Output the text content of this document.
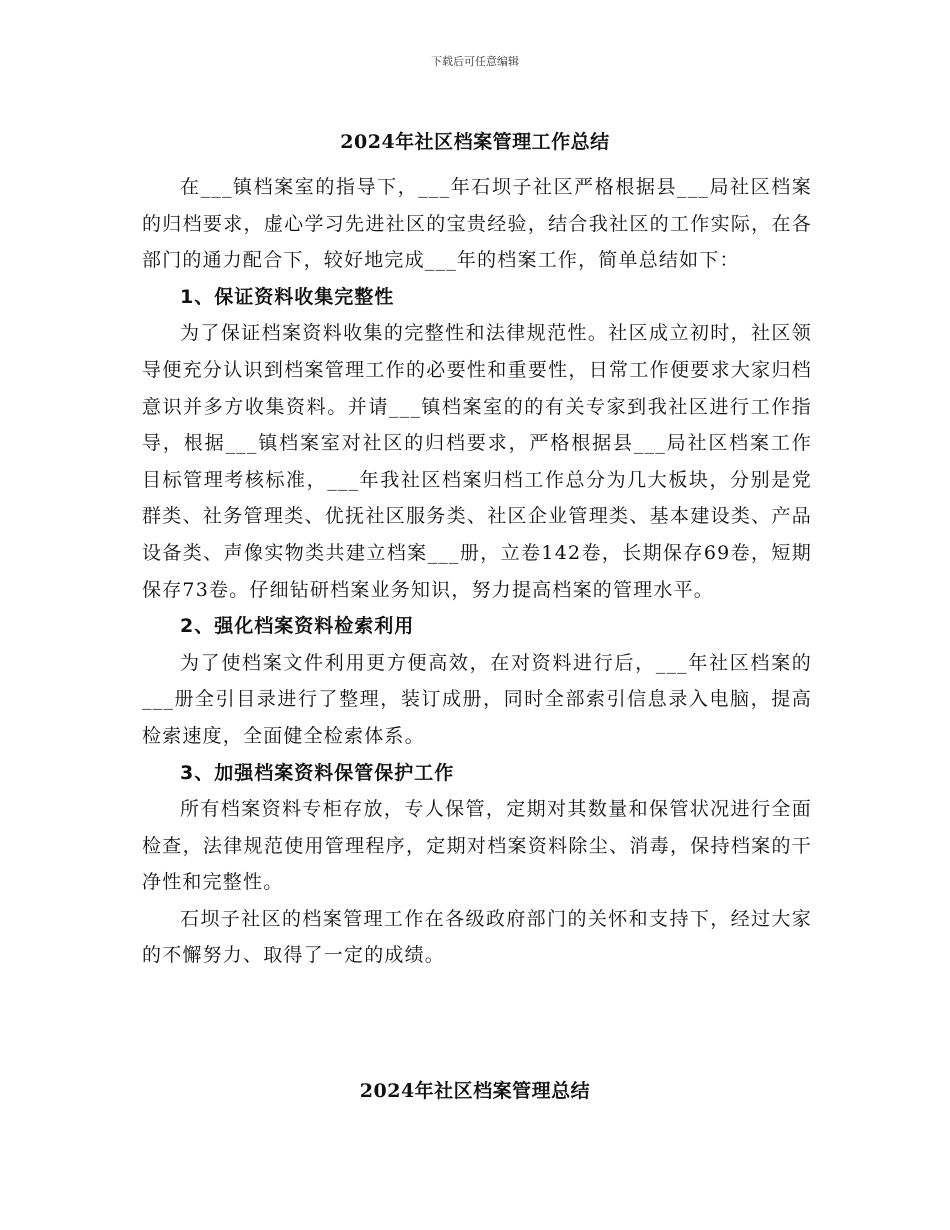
下载后可任意编辑
2024年社区档案管理工作总结

在___镇档案室的指导下，___年石坝子社区严格根据县___局社区档案的归档要求，虚心学习先进社区的宝贵经验，结合我社区的工作实际，在各部门的通力配合下，较好地完成___年的档案工作，简单总结如下：

1、保证资料收集完整性

为了保证档案资料收集的完整性和法律规范性。社区成立初时，社区领导便充分认识到档案管理工作的必要性和重要性，日常工作便要求大家归档意识并多方收集资料。并请___镇档案室的的有关专家到我社区进行工作指导，根据___镇档案室对社区的归档要求，严格根据县___局社区档案工作目标管理考核标准，___年我社区档案归档工作总分为几大板块，分别是党群类、社务管理类、优抚社区服务类、社区企业管理类、基本建设类、产品设备类、声像实物类共建立档案___册，立卷142卷，长期保存69卷，短期保存73卷。仔细钻研档案业务知识，努力提高档案的管理水平。

2、强化档案资料检索利用

为了使档案文件利用更方便高效，在对资料进行后，___年社区档案的___册全引目录进行了整理，装订成册，同时全部索引信息录入电脑，提高检索速度，全面健全检索体系。

3、加强档案资料保管保护工作

所有档案资料专柜存放，专人保管，定期对其数量和保管状况进行全面检查，法律规范使用管理程序，定期对档案资料除尘、消毒，保持档案的干净性和完整性。

石坝子社区的档案管理工作在各级政府部门的关怀和支持下，经过大家的不懈努力、取得了一定的成绩。

2024年社区档案管理总结
